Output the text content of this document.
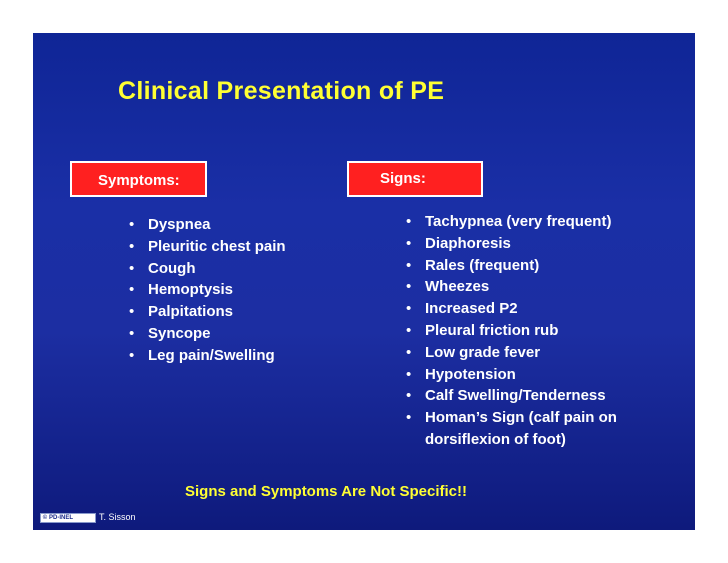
Clinical Presentation of PE
Symptoms:	Signs:
• Dyspnea
• Pleuritic chest pain
• Cough
• Hemoptysis
• Palpitations
• Syncope
• Leg pain/Swelling
• Tachypnea (very frequent)
• Diaphoresis
• Rales (frequent)
• Wheezes
• Increased P2
• Pleural friction rub
• Low grade fever
• Hypotension
• Calf Swelling/Tenderness
• Homan’s Sign (calf pain on
dorsiflexion of foot)
Signs and Symptoms Are Not Specific!!
© PD-INEL	T. Sisson
